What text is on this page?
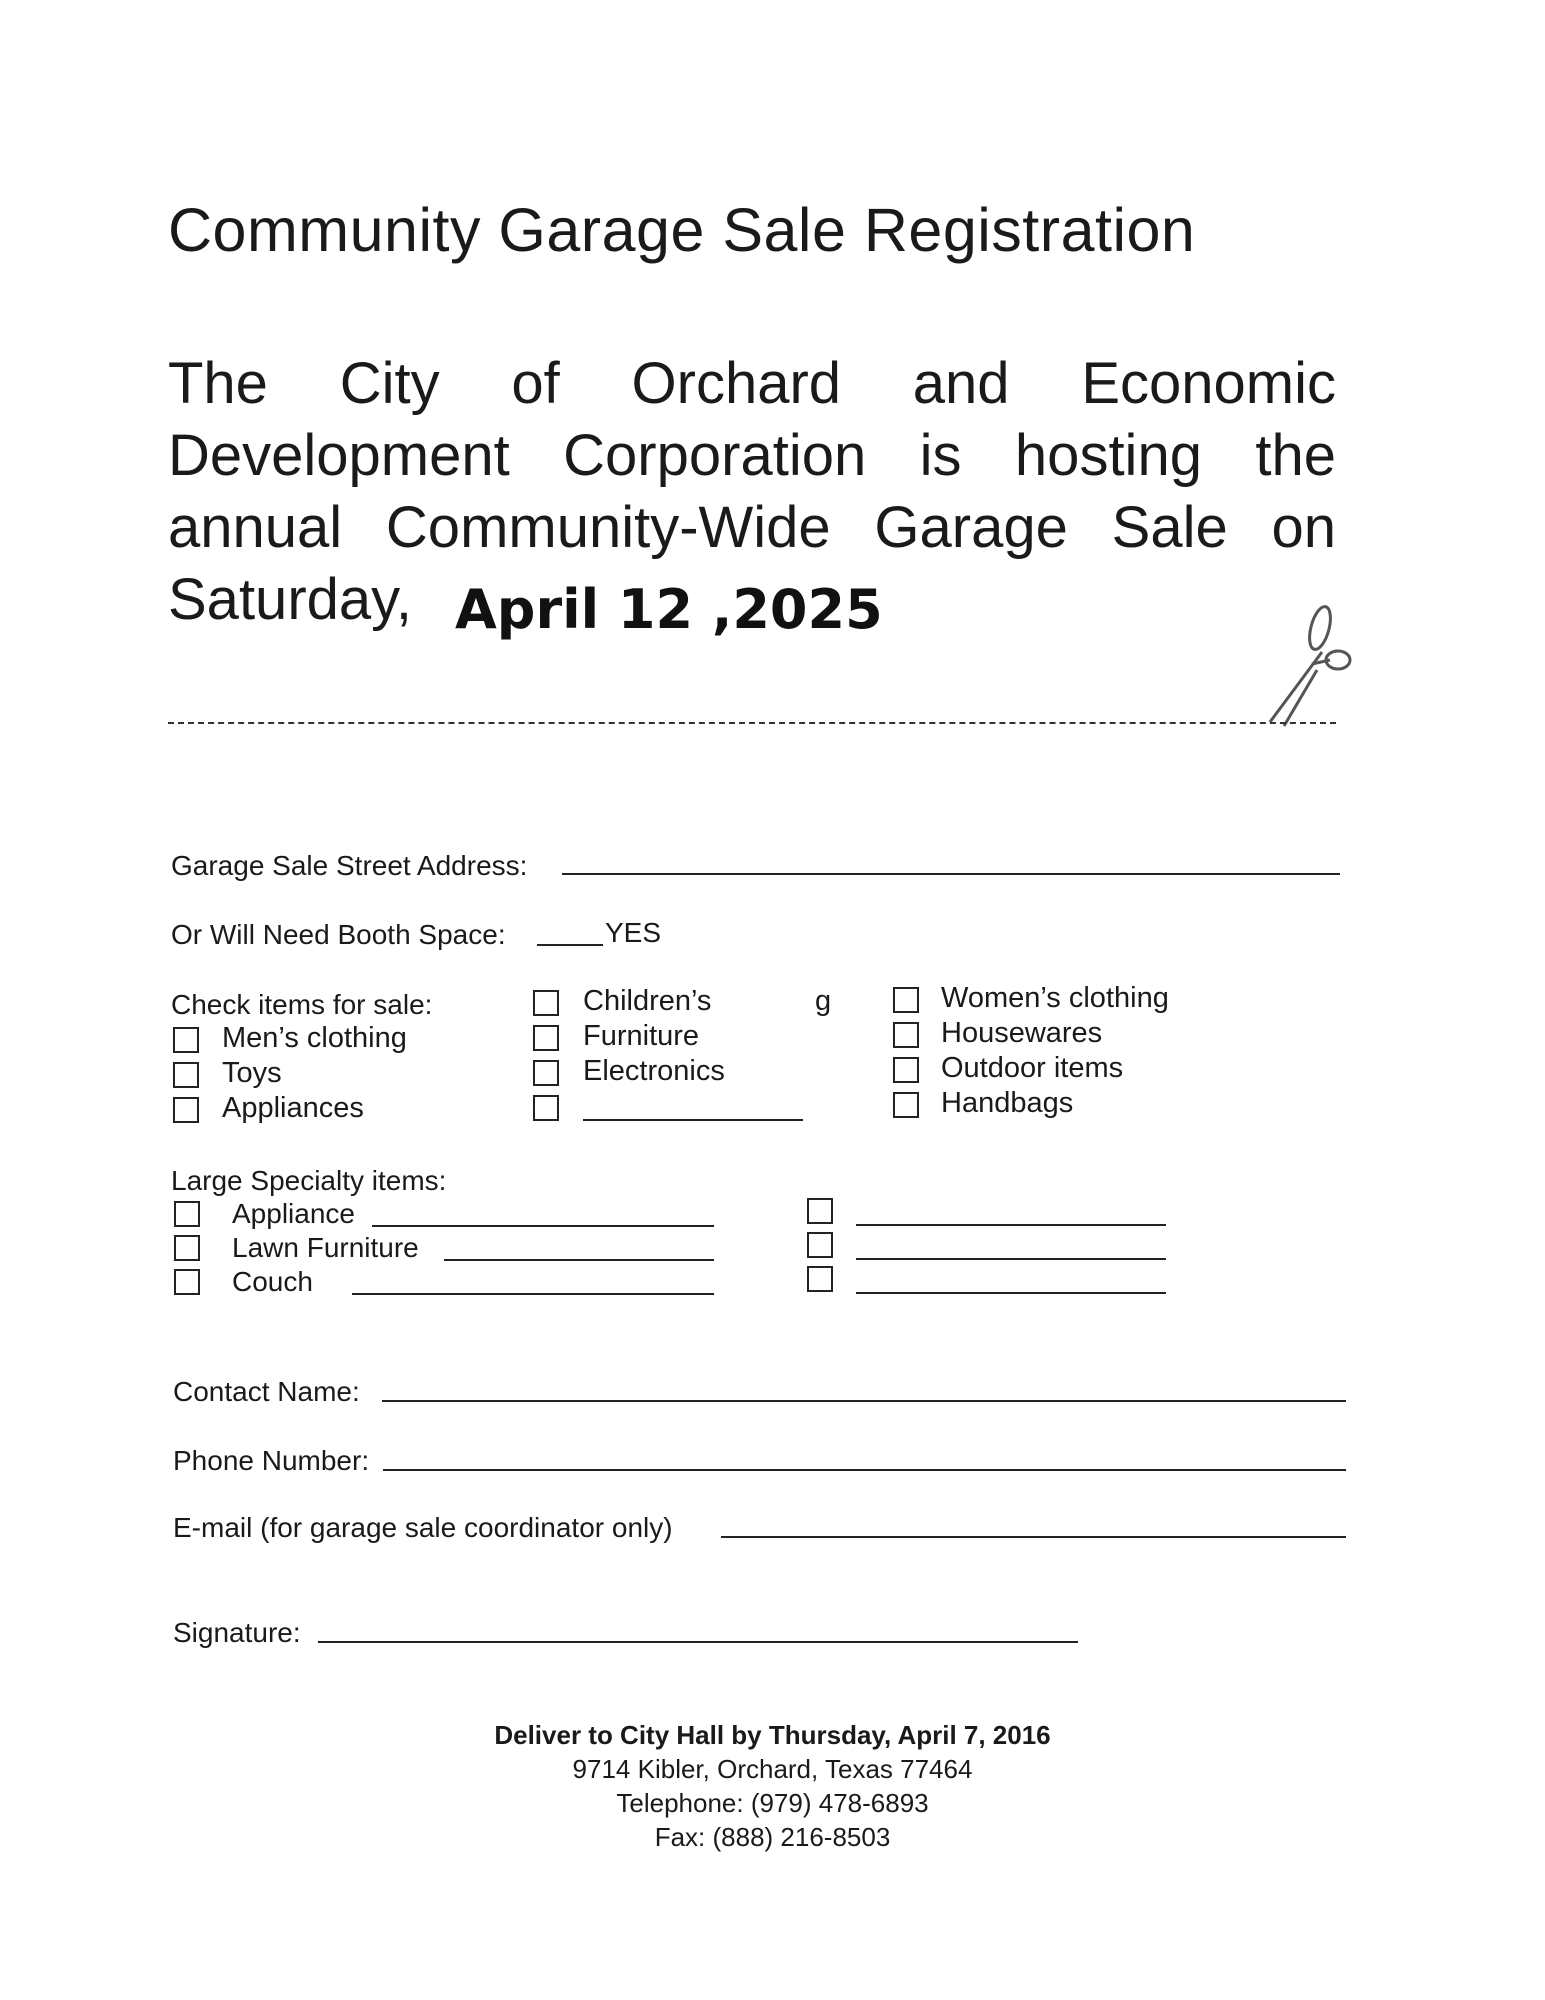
Community Garage Sale Registration
The City of Orchard and Economic
Development Corporation is hosting the
annual Community-Wide Garage Sale on
Saturday, April 12 ,2025
Garage Sale Street Address:
Or Will Need Booth Space:	YES
Check items for sale:
Men’s clothing
Toys
Appliances
Children’s	g
Furniture
Electronics
Women’s clothing
Housewares
Outdoor items
Handbags
Large Specialty items:
Appliance
Lawn Furniture
Couch
Contact Name:
Phone Number:
E-mail (for garage sale coordinator only)
Signature:
Deliver to City Hall by Thursday, April 7, 2016
9714 Kibler, Orchard, Texas 77464
Telephone: (979) 478-6893
Fax: (888) 216-8503
